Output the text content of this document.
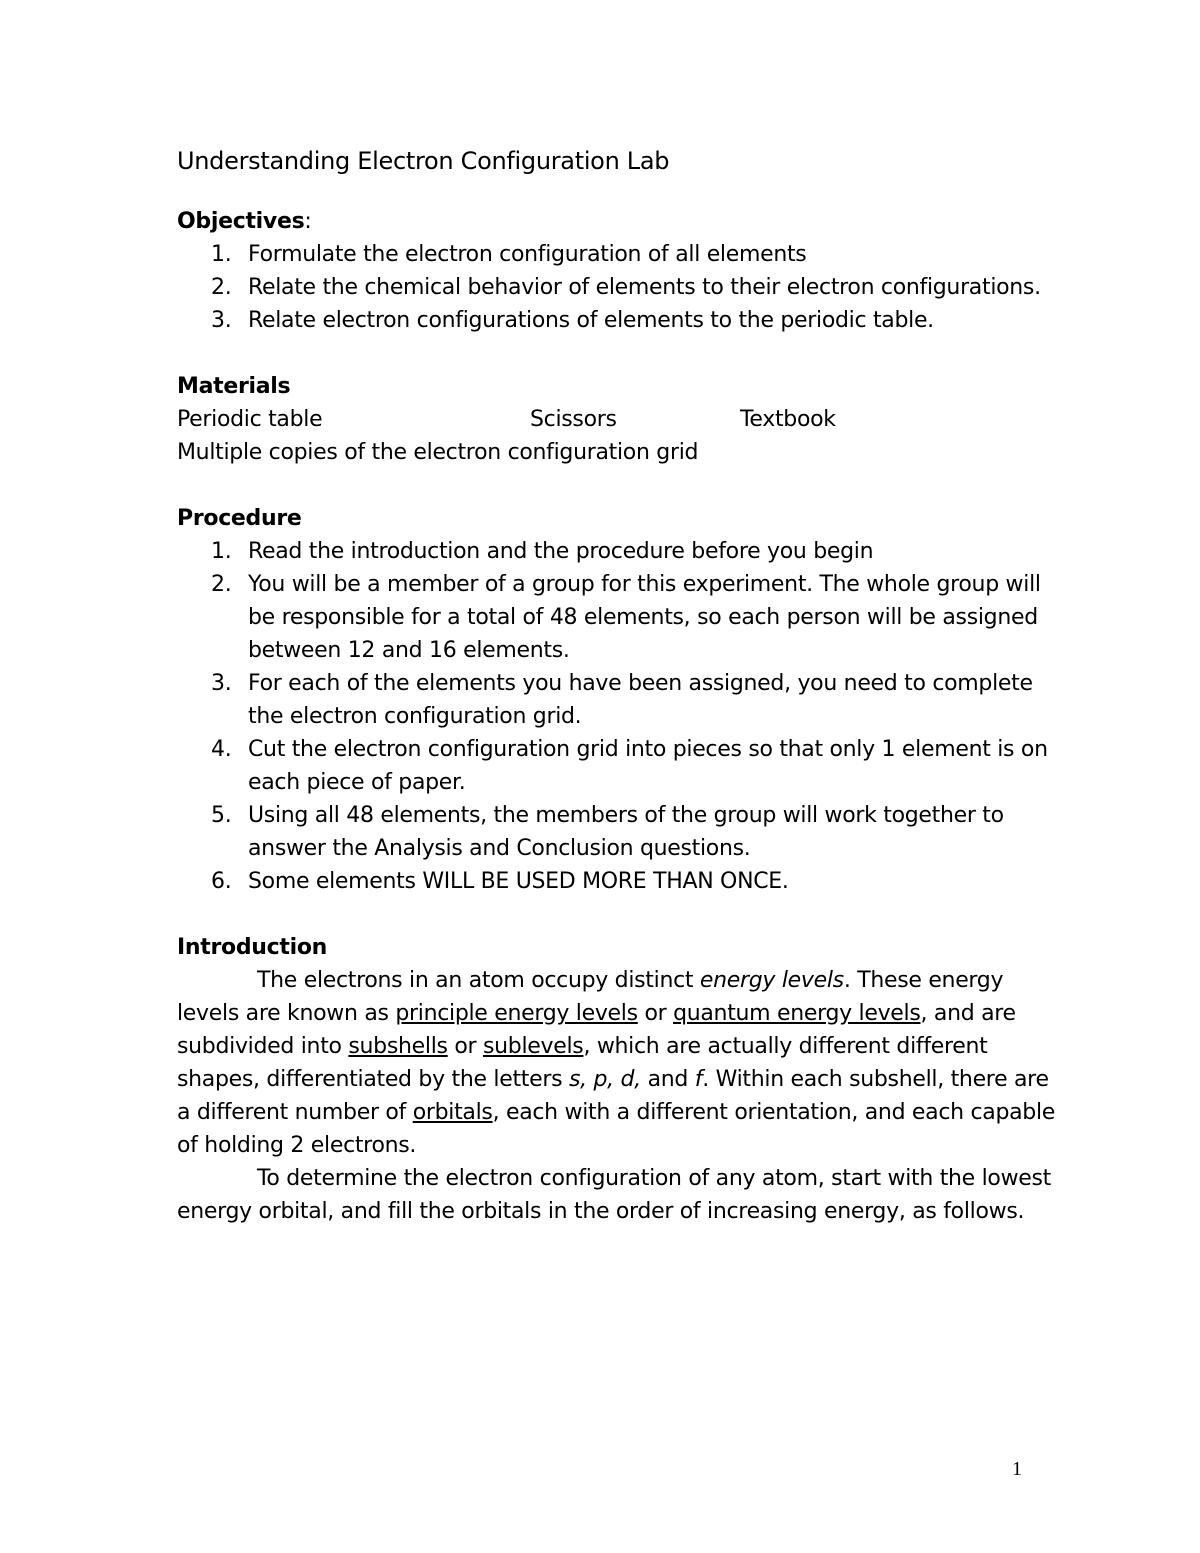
Understanding Electron Configuration Lab
Objectives:
1. Formulate the electron configuration of all elements
2. Relate the chemical behavior of elements to their electron configurations.
3. Relate electron configurations of elements to the periodic table.
Materials
Periodic table	Scissors	Textbook
Multiple copies of the electron configuration grid
Procedure
1. Read the introduction and the procedure before you begin
2. You will be a member of a group for this experiment. The whole group will be responsible for a total of 48 elements, so each person will be assigned between 12 and 16 elements.
3. For each of the elements you have been assigned, you need to complete the electron configuration grid.
4. Cut the electron configuration grid into pieces so that only 1 element is on each piece of paper.
5. Using all 48 elements, the members of the group will work together to answer the Analysis and Conclusion questions.
6. Some elements WILL BE USED MORE THAN ONCE.
Introduction

The electrons in an atom occupy distinct energy levels. These energy levels are known as principle energy levels or quantum energy levels, and are subdivided into subshells or sublevels, which are actually different different shapes, differentiated by the letters s, p, d, and f. Within each subshell, there are a different number of orbitals, each with a different orientation, and each capable of holding 2 electrons.

To determine the electron configuration of any atom, start with the lowest energy orbital, and fill the orbitals in the order of increasing energy, as follows.

1
